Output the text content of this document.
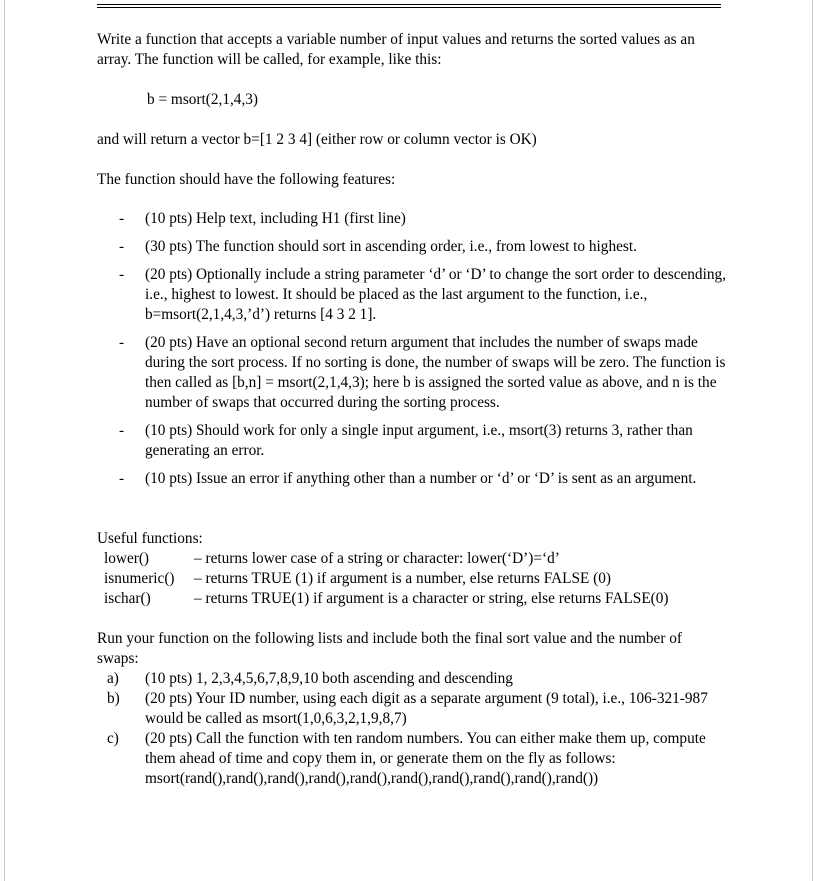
Write a function that accepts a variable number of input values and returns the sorted values as an array. The function will be called, for example, like this:

b = msort(2,1,4,3)

and will return a vector b=[1 2 3 4] (either row or column vector is OK)

The function should have the following features:

- (10 pts) Help text, including H1 (first line)
- (30 pts) The function should sort in ascending order, i.e., from lowest to highest.
- (20 pts) Optionally include a string parameter ‘d’ or ‘D’ to change the sort order to descending, i.e., highest to lowest. It should be placed as the last argument to the function, i.e., b=msort(2,1,4,3,’d’) returns [4 3 2 1].
- (20 pts) Have an optional second return argument that includes the number of swaps made during the sort process. If no sorting is done, the number of swaps will be zero. The function is then called as [b,n] = msort(2,1,4,3); here b is assigned the sorted value as above, and n is the number of swaps that occurred during the sorting process.
- (10 pts) Should work for only a single input argument, i.e., msort(3) returns 3, rather than generating an error.
- (10 pts) Issue an error if anything other than a number or ‘d’ or ‘D’ is sent as an argument.

Useful functions:

lower()	– returns lower case of a string or character: lower(‘D’)=‘d’
isnumeric()	– returns TRUE (1) if argument is a number, else returns FALSE (0)
ischar()	– returns TRUE(1) if argument is a character or string, else returns FALSE(0)

Run your function on the following lists and include both the final sort value and the number of swaps:

a) (10 pts) 1, 2,3,4,5,6,7,8,9,10 both ascending and descending
b) (20 pts) Your ID number, using each digit as a separate argument (9 total), i.e., 106-321-987 would be called as msort(1,0,6,3,2,1,9,8,7)
c) (20 pts) Call the function with ten random numbers. You can either make them up, compute them ahead of time and copy them in, or generate them on the fly as follows: msort(rand(),rand(),rand(),rand(),rand(),rand(),rand(),rand(),rand(),rand())
